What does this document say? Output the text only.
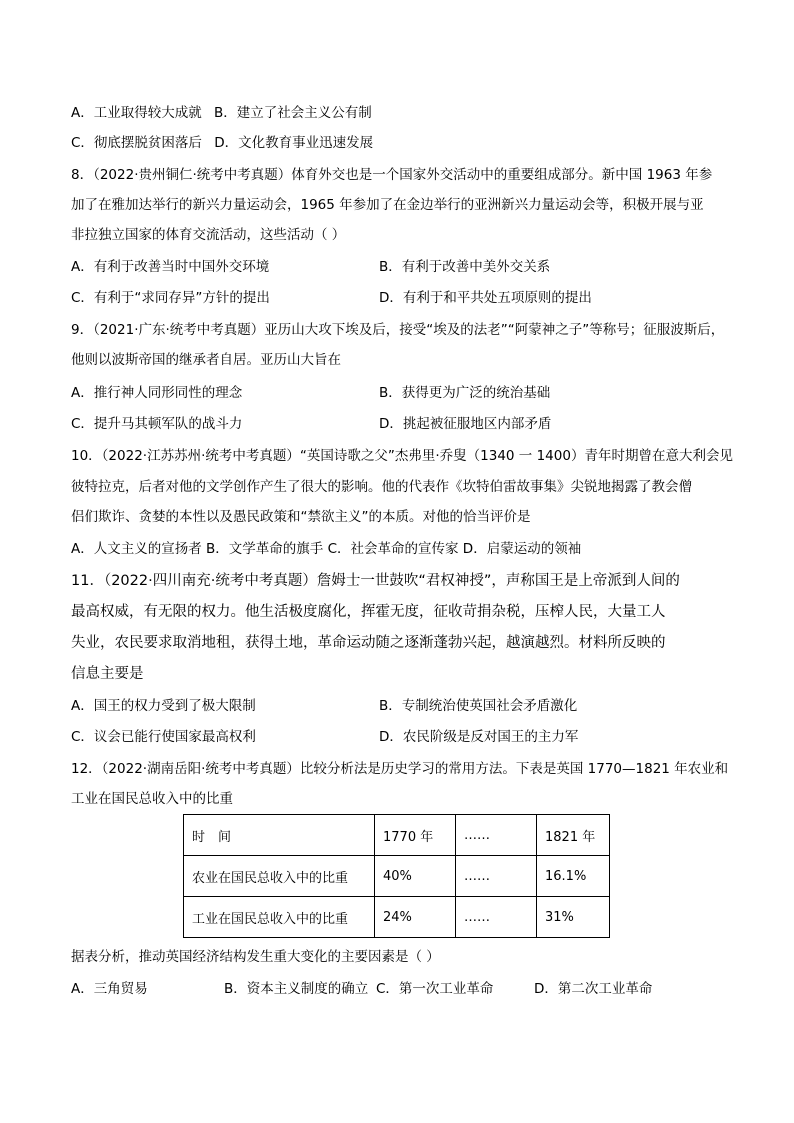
A．工业取得较大成就 B．建立了社会主义公有制
C．彻底摆脱贫困落后 D．文化教育事业迅速发展
8．（2022·贵州铜仁·统考中考真题）体育外交也是一个国家外交活动中的重要组成部分。新中国 1963 年参
加了在雅加达举行的新兴力量运动会，1965 年参加了在金边举行的亚洲新兴力量运动会等，积极开展与亚
非拉独立国家的体育交流活动，这些活动（ ）
A．有利于改善当时中国外交环境	B．有利于改善中美外交关系
C．有利于“求同存异”方针的提出	D．有利于和平共处五项原则的提出
9．（2021·广东·统考中考真题）亚历山大攻下埃及后，接受“埃及的法老”“阿蒙神之子”等称号；征服波斯后，
他则以波斯帝国的继承者自居。亚历山大旨在
A．推行神人同形同性的理念	B．获得更为广泛的统治基础
C．提升马其顿军队的战斗力	D．挑起被征服地区内部矛盾
10．（2022·江苏苏州·统考中考真题）“英国诗歌之父”杰弗里·乔叟（1340 一 1400）青年时期曾在意大利会见
彼特拉克，后者对他的文学创作产生了很大的影响。他的代表作《坎特伯雷故事集》尖锐地揭露了教会僧
侣们欺诈、贪婪的本性以及愚民政策和“禁欲主义”的本质。对他的恰当评价是
A．人文主义的宣扬者 B．文学革命的旗手 C．社会革命的宣传家 D．启蒙运动的领袖
11．（2022·四川南充·统考中考真题）詹姆士一世鼓吹“君权神授”，声称国王是上帝派到人间的
最高权威，有无限的权力。他生活极度腐化，挥霍无度，征收苛捐杂税，压榨人民，大量工人
失业，农民要求取消地租，获得土地，革命运动随之逐渐蓬勃兴起，越演越烈。材料所反映的
信息主要是
A．国王的权力受到了极大限制	B．专制统治使英国社会矛盾激化
C．议会已能行使国家最高权利	D．农民阶级是反对国王的主力军
12．（2022·湖南岳阳·统考中考真题）比较分析法是历史学习的常用方法。下表是英国 1770—1821 年农业和
工业在国民总收入中的比重
时　间	1770 年	……	1821 年
农业在国民总收入中的比重	40%	……	16.1%
工业在国民总收入中的比重	24%	……	31%
据表分析，推动英国经济结构发生重大变化的主要因素是（ ）
A．三角贸易	B．资本主义制度的确立 C．第一次工业革命	D．第二次工业革命
